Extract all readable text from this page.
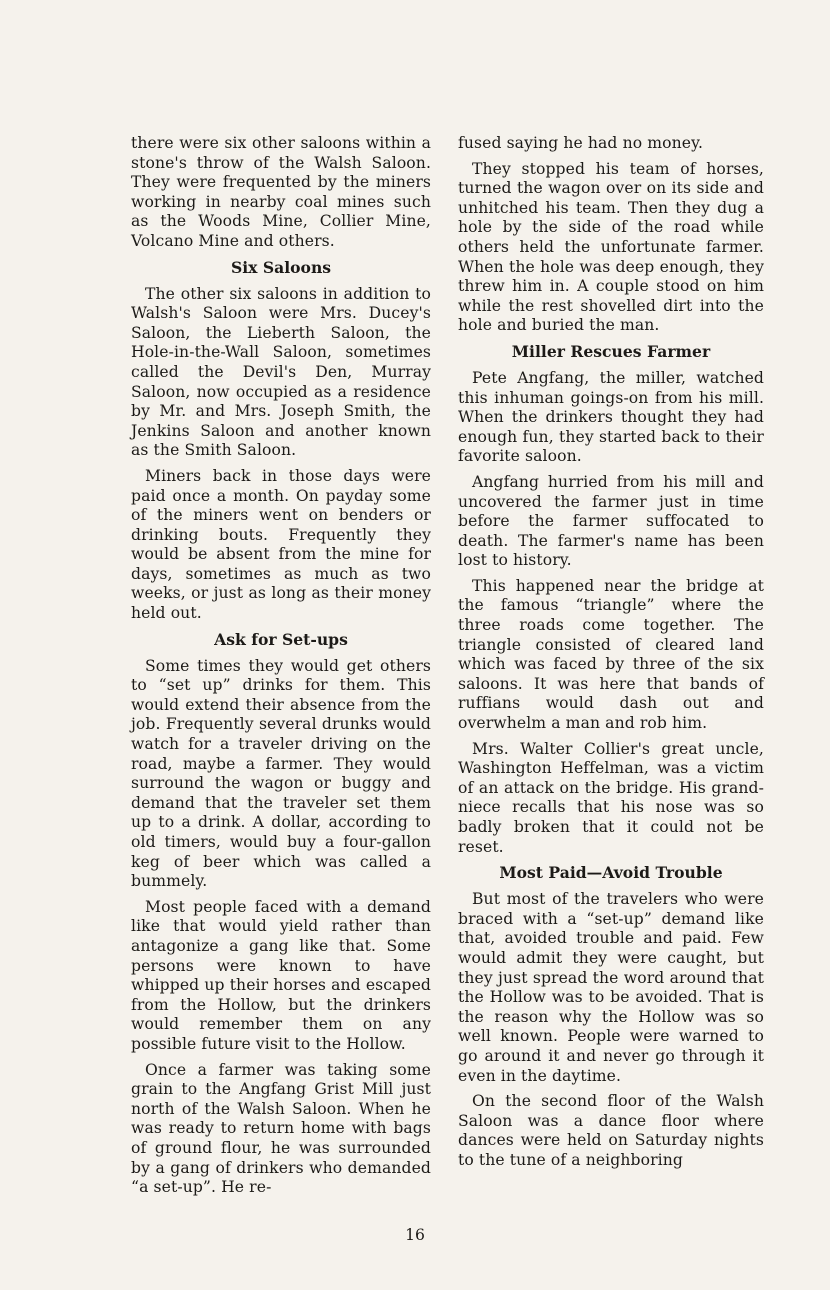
there were six other saloons within a stone's throw of the Walsh Saloon. They were frequented by the miners working in nearby coal mines such as the Woods Mine, Collier Mine, Volcano Mine and others.

Six Saloons

The other six saloons in addition to Walsh's Saloon were Mrs. Ducey's Saloon, the Lieberth Saloon, the Hole-in-the-Wall Saloon, sometimes called the Devil's Den, Murray Saloon, now occupied as a residence by Mr. and Mrs. Joseph Smith, the Jenkins Saloon and another known as the Smith Saloon.

Miners back in those days were paid once a month. On payday some of the miners went on benders or drinking bouts. Frequently they would be absent from the mine for days, sometimes as much as two weeks, or just as long as their money held out.

Ask for Set-ups

Some times they would get others to “set up” drinks for them. This would extend their absence from the job. Frequently several drunks would watch for a traveler driving on the road, maybe a farmer. They would surround the wagon or buggy and demand that the traveler set them up to a drink. A dollar, according to old timers, would buy a four-gallon keg of beer which was called a bummely.

Most people faced with a demand like that would yield rather than antagonize a gang like that. Some persons were known to have whipped up their horses and escaped from the Hollow, but the drinkers would remember them on any possible future visit to the Hollow.

Once a farmer was taking some grain to the Angfang Grist Mill just north of the Walsh Saloon. When he was ready to return home with bags of ground flour, he was surrounded by a gang of drinkers who demanded “a set-up”. He re-

fused saying he had no money.

They stopped his team of horses, turned the wagon over on its side and unhitched his team. Then they dug a hole by the side of the road while others held the unfortunate farmer. When the hole was deep enough, they threw him in. A couple stood on him while the rest shovelled dirt into the hole and buried the man.

Miller Rescues Farmer

Pete Angfang, the miller, watched this inhuman goings-on from his mill. When the drinkers thought they had enough fun, they started back to their favorite saloon.

Angfang hurried from his mill and uncovered the farmer just in time before the farmer suffocated to death. The farmer's name has been lost to history.

This happened near the bridge at the famous “triangle” where the three roads come together. The triangle consisted of cleared land which was faced by three of the six saloons. It was here that bands of ruffians would dash out and overwhelm a man and rob him.

Mrs. Walter Collier's great uncle, Washington Heffelman, was a victim of an attack on the bridge. His grand-niece recalls that his nose was so badly broken that it could not be reset.

Most Paid—Avoid Trouble

But most of the travelers who were braced with a “set-up” demand like that, avoided trouble and paid. Few would admit they were caught, but they just spread the word around that the Hollow was to be avoided. That is the reason why the Hollow was so well known. People were warned to go around it and never go through it even in the daytime.

On the second floor of the Walsh Saloon was a dance floor where dances were held on Saturday nights to the tune of a neighboring

16
